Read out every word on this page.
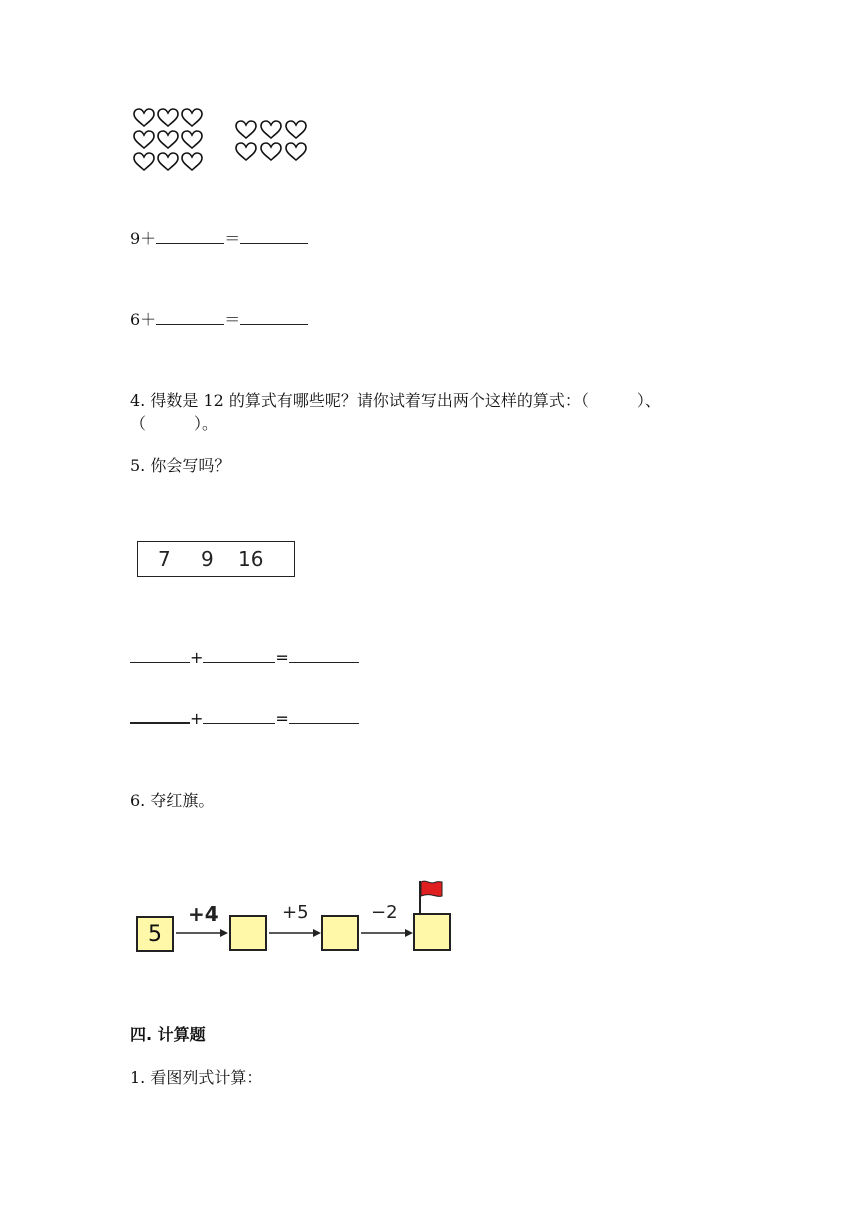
9＋	＝
6＋	＝
4. 得数是 12 的算式有哪些呢？请你试着写出两个这样的算式：（　　　）、
（　　　）。
5. 你会写吗？
7 9 16
+	=
+	=
6. 夺红旗。
5
+4	+5	−2
四. 计算题
1. 看图列式计算：
